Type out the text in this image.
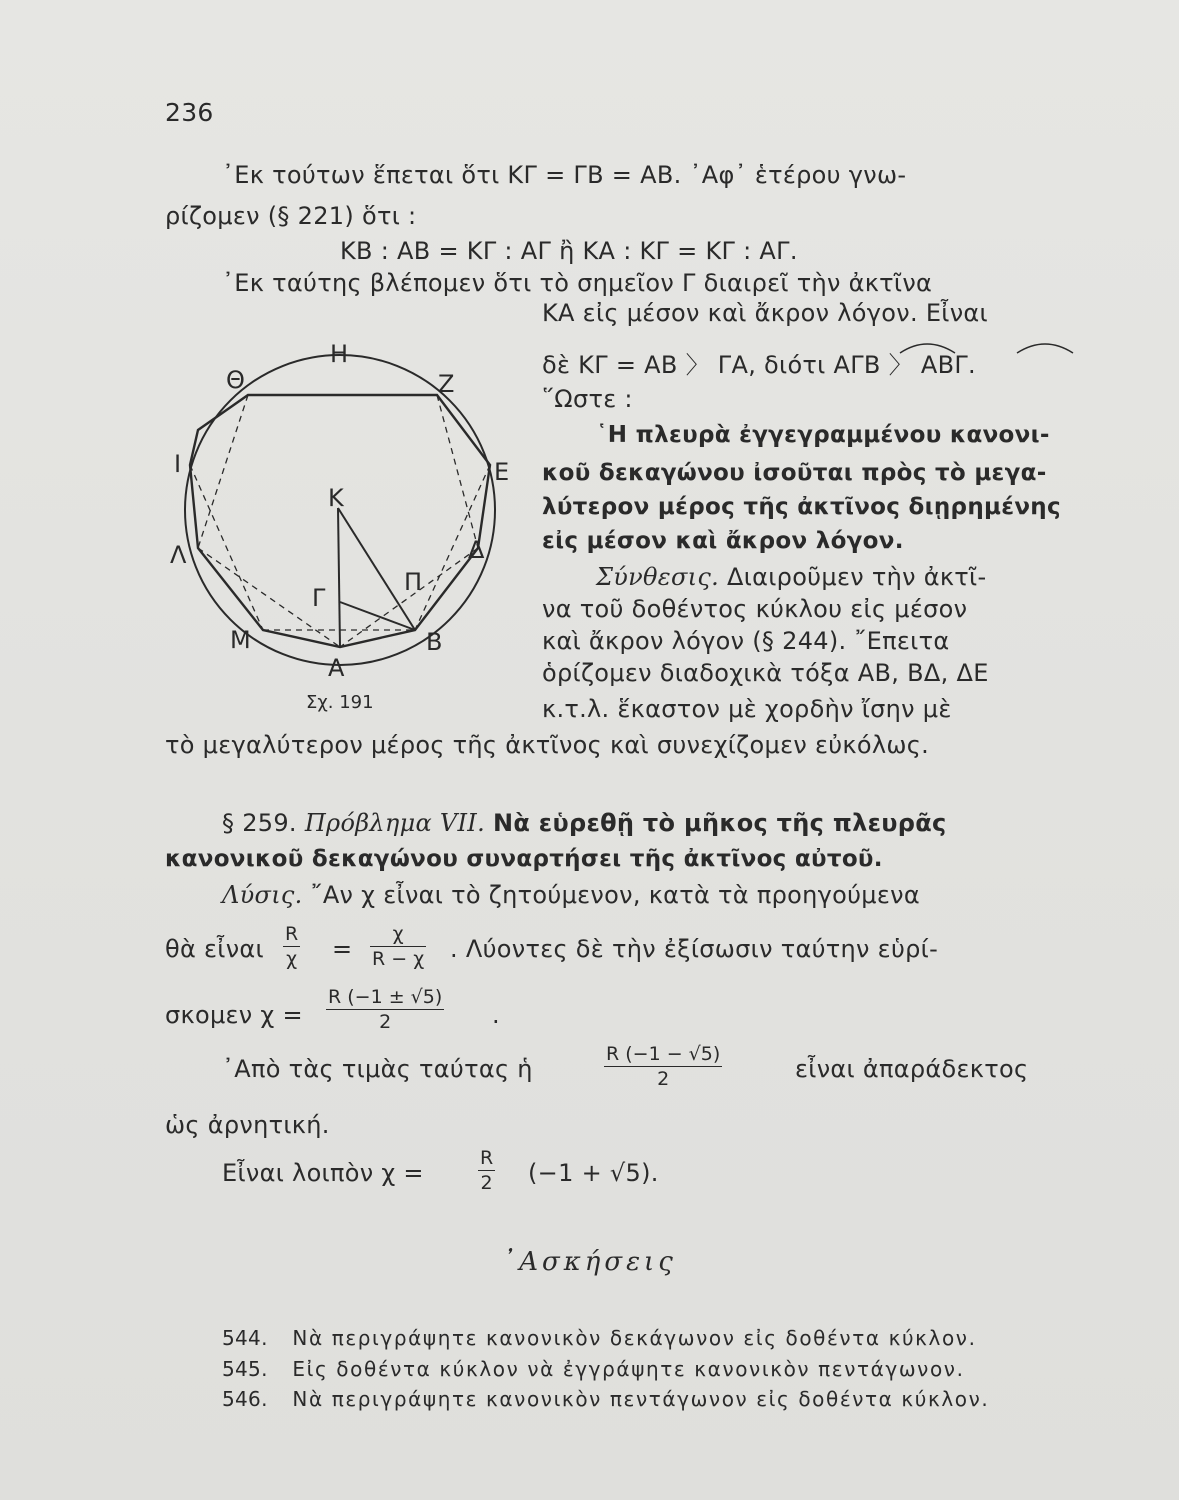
236
᾿Εκ τούτων ἕπεται ὅτι ΚΓ = ΓΒ = ΑΒ. ᾿Αφ᾿ ἑτέρου γνω-
ρίζομεν (§ 221) ὅτι :
ΚΒ : ΑΒ = ΚΓ : ΑΓ ἢ ΚΑ : ΚΓ = ΚΓ : ΑΓ.
᾿Εκ ταύτης βλέπομεν ὅτι τὸ σημεῖον Γ διαιρεῖ τὴν ἀκτῖνα
ΚΑ εἰς μέσον καὶ ἄκρον λόγον. Εἶναι
δὲ ΚΓ = ΑΒ 〉 ΓΑ, διότι ΑΓΒ 〉 ΑΒΓ.
῞Ωστε :
῾Η πλευρὰ ἐγγεγραμμένου κανονι-
κοῦ δεκαγώνου ἰσοῦται πρὸς τὸ μεγα-
λύτερον μέρος τῆς ἀκτῖνος διῃρημένης
εἰς μέσον καὶ ἄκρον λόγον.
Σύνθεσις. Διαιροῦμεν τὴν ἀκτῖ-
να τοῦ δοθέντος κύκλου εἰς μέσον
καὶ ἄκρον λόγον (§ 244). ῎Επειτα
ὁρίζομεν διαδοχικὰ τόξα ΑΒ, ΒΔ, ΔΕ
κ.τ.λ. ἕκαστον μὲ χορδὴν ἴσην μὲ
τὸ μεγαλύτερον μέρος τῆς ἀκτῖνος καὶ συνεχίζομεν εὐκόλως.
Η
Θ	Ζ
Ι	Ε
Κ
Λ	Δ
Π
Γ
Μ	Β
Α
Σχ. 191
§ 259. Πρόβλημα VII. Νὰ εὑρεθῇ τὸ μῆκος τῆς πλευρᾶς
κανονικοῦ δεκαγώνου συναρτήσει τῆς ἀκτῖνος αὐτοῦ.
Λύσις. ῎Αν χ εἶναι τὸ ζητούμενον, κατὰ τὰ προηγούμενα
θὰ εἶναι $\frac{R}{\chi} = \frac{\chi}{R - \chi}$ . Λύοντες δὲ τὴν ἐξίσωσιν ταύτην εὑρί-
σκομεν $\chi = \frac{R (-1 \pm √5)}{2}$ .
᾿Απὸ τὰς τιμὰς ταύτας ἡ	$\frac{R (-1 - √5)}{2}$	εἶναι ἀπαράδεκτος
ὡς ἀρνητική.
Εἶναι λοιπὸν χ =	$\frac{R}{2} (-1 + √5)$.
᾿Ασκήσεις
544. Νὰ περιγράψητε κανονικὸν δεκάγωνον εἰς δοθέντα κύκλον.
545. Εἰς δοθέντα κύκλον νὰ ἐγγράψητε κανονικὸν πεντάγωνον.
546. Νὰ περιγράψητε κανονικὸν πεντάγωνον εἰς δοθέντα κύκλον.
